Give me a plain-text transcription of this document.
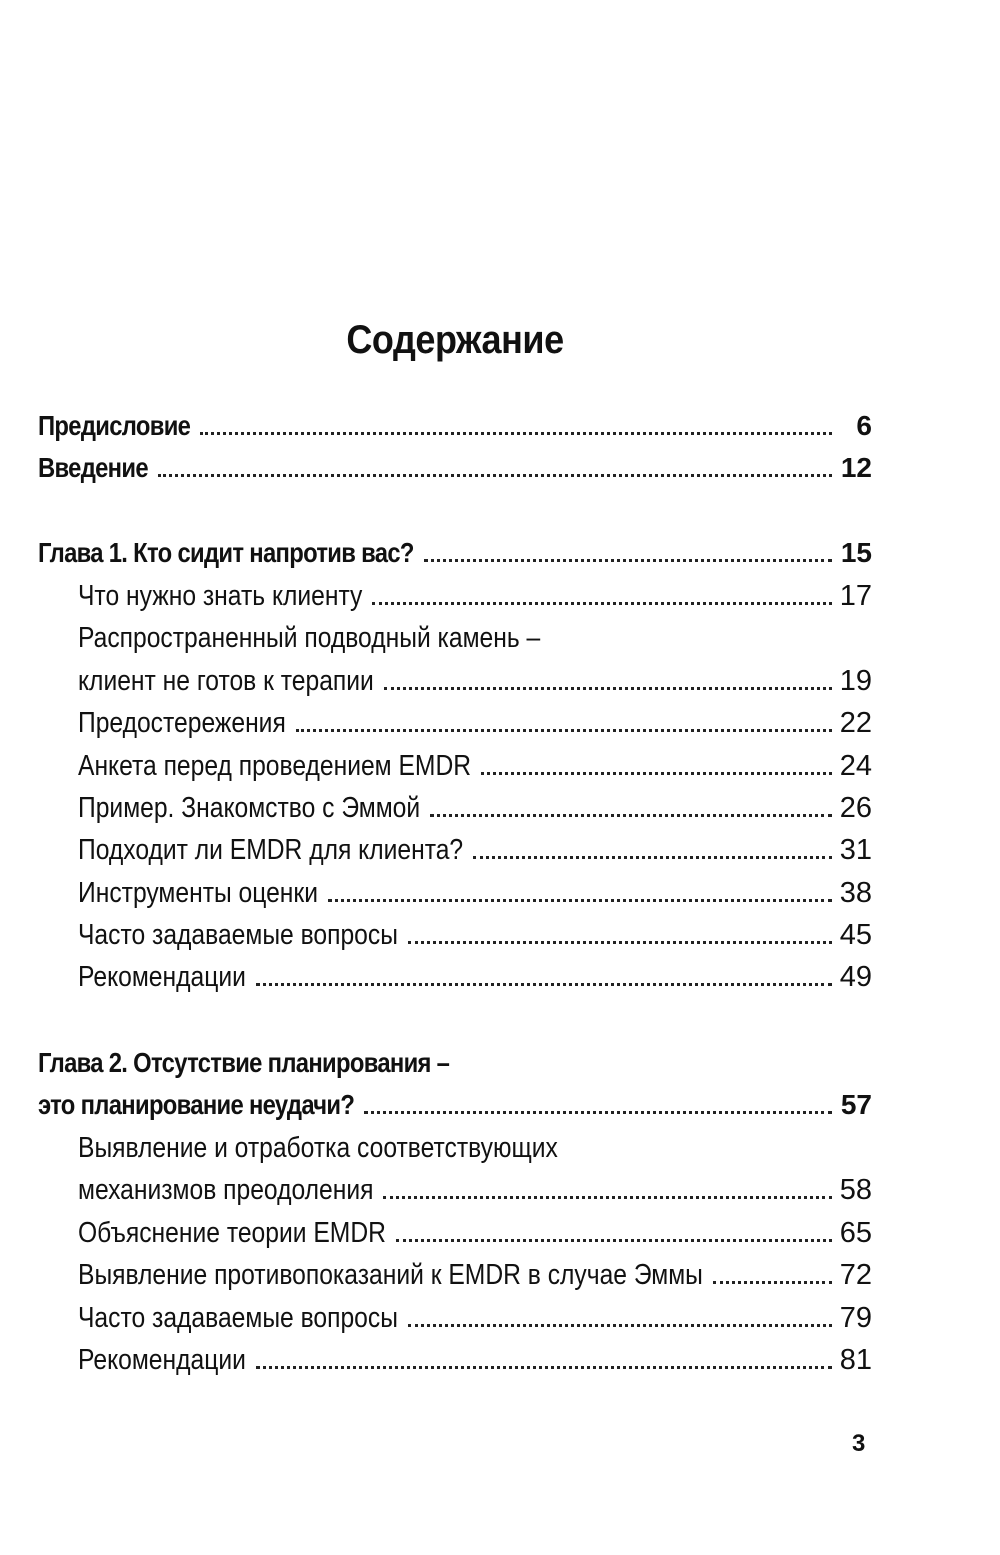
Содержание
Предисловие	6
Введение	12
Глава 1. Кто сидит напротив вас?	15
Что нужно знать клиенту	17
Распространенный подводный камень –
клиент не готов к терапии	19
Предостережения	22
Анкета перед проведением EMDR	24
Пример. Знакомство с Эммой	26
Подходит ли EMDR для клиента?	31
Инструменты оценки	38
Часто задаваемые вопросы	45
Рекомендации	49
Глава 2. Отсутствие планирования –
это планирование неудачи?	57
Выявление и отработка соответствующих
механизмов преодоления	58
Объяснение теории EMDR	65
Выявление противопоказаний к EMDR в случае Эммы	72
Часто задаваемые вопросы	79
Рекомендации	81
3
